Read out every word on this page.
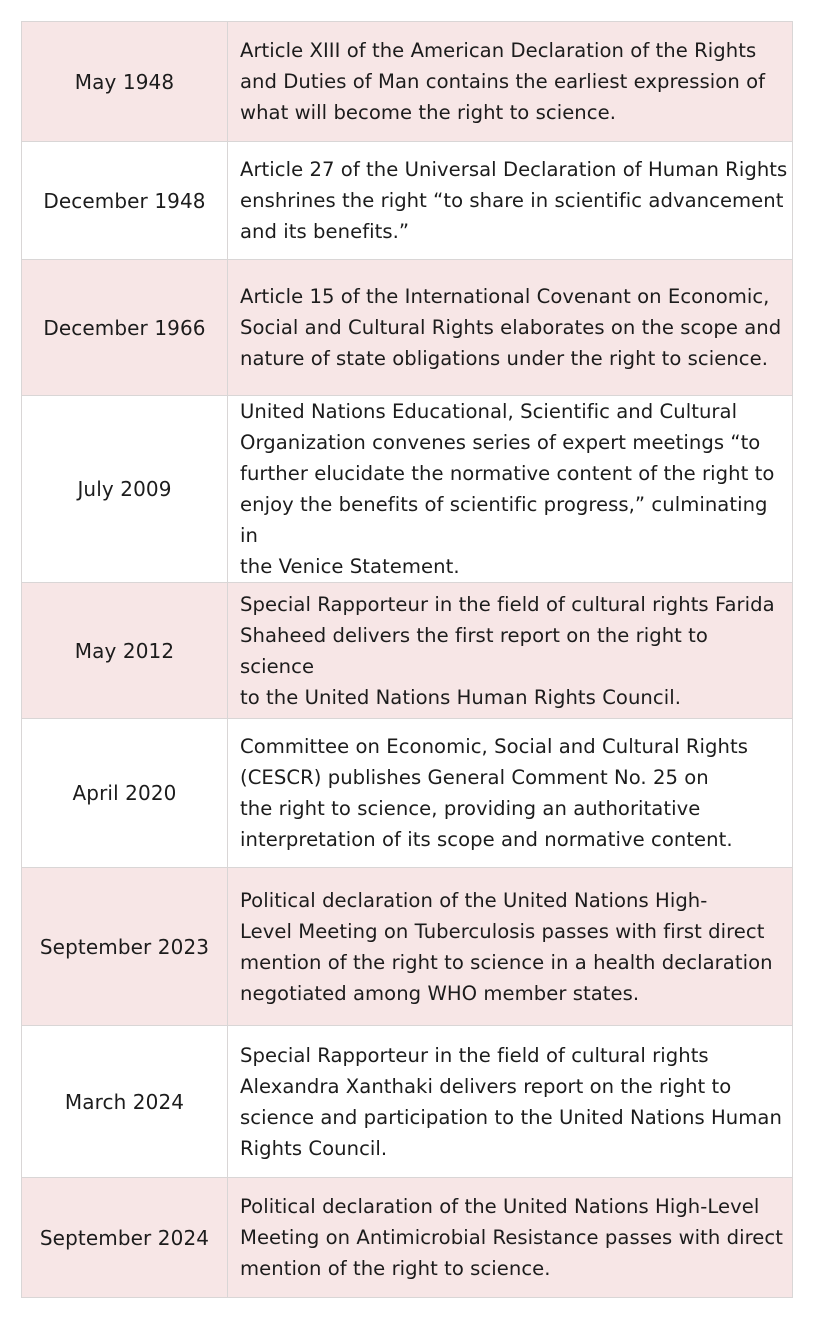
May 1948	Article XIII of the American Declaration of the Rights
and Duties of Man contains the earliest expression of
what will become the right to science.

December 1948	Article 27 of the Universal Declaration of Human Rights
enshrines the right “to share in scientific advancement
and its benefits.”

December 1966	Article 15 of the International Covenant on Economic,
Social and Cultural Rights elaborates on the scope and
nature of state obligations under the right to science.

July 2009	United Nations Educational, Scientific and Cultural
Organization convenes series of expert meetings “to
further elucidate the normative content of the right to
enjoy the benefits of scientific progress,” culminating in
the Venice Statement.

May 2012	Special Rapporteur in the field of cultural rights Farida
Shaheed delivers the first report on the right to science
to the United Nations Human Rights Council.

April 2020	Committee on Economic, Social and Cultural Rights
(CESCR) publishes General Comment No. 25 on
the right to science, providing an authoritative
interpretation of its scope and normative content.

September 2023	Political declaration of the United Nations High-
Level Meeting on Tuberculosis passes with first direct
mention of the right to science in a health declaration
negotiated among WHO member states.

March 2024	Special Rapporteur in the field of cultural rights
Alexandra Xanthaki delivers report on the right to
science and participation to the United Nations Human
Rights Council.

September 2024	Political declaration of the United Nations High-Level
Meeting on Antimicrobial Resistance passes with direct
mention of the right to science.
